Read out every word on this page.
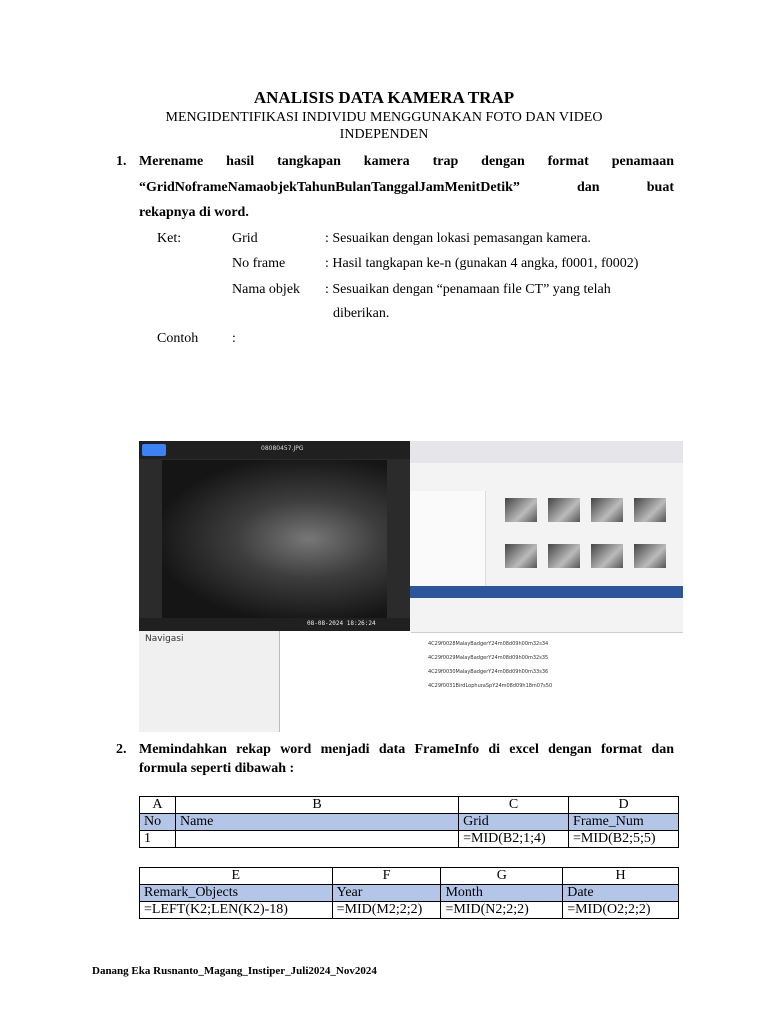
ANALISIS DATA KAMERA TRAP
MENGIDENTIFIKASI INDIVIDU MENGGUNAKAN FOTO DAN VIDEO INDEPENDEN
1. Merename hasil tangkapan kamera trap dengan format penamaan
“GridNoframeNamaobjekTahunBulanTanggalJamMenitDetik”	dan	buat
rekapnya di word.
Ket:	Grid	: Sesuaikan dengan lokasi pemasangan kamera.
No frame	: Hasil tangkapan ke-n (gunakan 4 angka, f0001, f0002)
Nama objek : Sesuaikan dengan “penamaan file CT” yang telah
diberikan.
Contoh :
08080457.JPG
08-08-2024 18:26:24
4C29f0028MalayBadgerY24m08d09h00m32s34
4C29f0029MalayBadgerY24m08d09h00m32s35
4C29f0030MalayBadgerY24m08d09h00m33s36
4C29f0031BirdLophuraSpY24m08d09h18m07s50
Navigasi
2. Memindahkan rekap word menjadi data FrameInfo di excel dengan format dan
formula seperti dibawah :
A	B	C	D
No	Name	Grid	Frame_Num
1		=MID(B2;1;4)	=MID(B2;5;5)
E	F	G	H
Remark_Objects	Year	Month	Date
=LEFT(K2;LEN(K2)-18)	=MID(M2;2;2)	=MID(N2;2;2)	=MID(O2;2;2)
Danang Eka Rusnanto_Magang_Instiper_Juli2024_Nov2024
